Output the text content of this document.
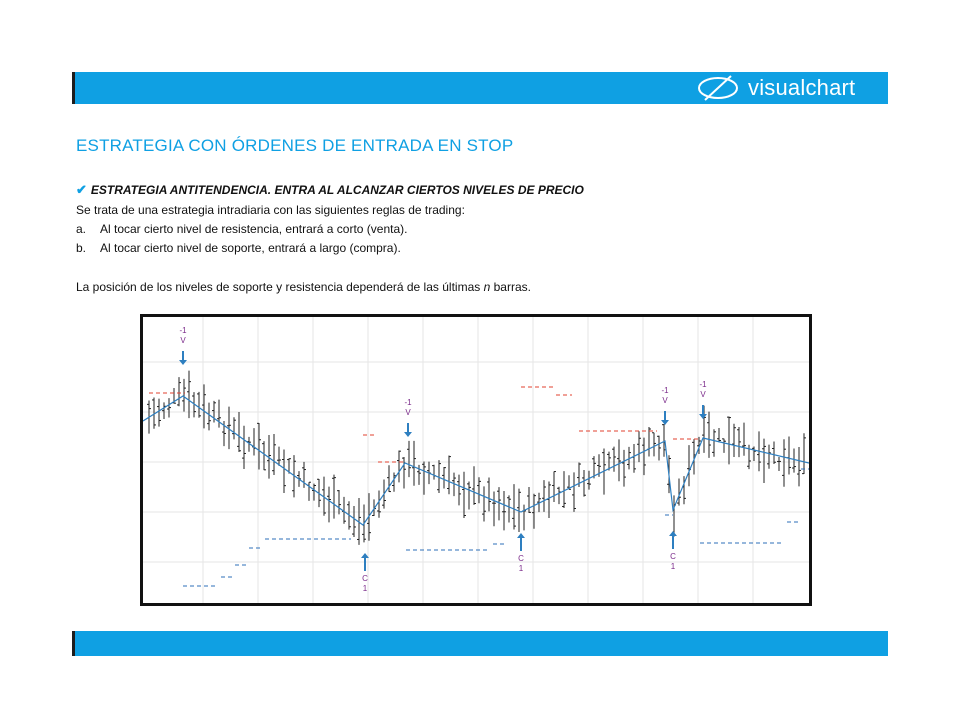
visualchart
ESTRATEGIA CON ÓRDENES DE ENTRADA EN STOP
✔ ESTRATEGIA ANTITENDENCIA. ENTRA AL ALCANZAR CIERTOS NIVELES DE PRECIO
Se trata de una estrategia intradiaria con las siguientes reglas de trading:
a. Al tocar cierto nivel de resistencia, entrará a corto (venta).
b. Al tocar cierto nivel de soporte, entrará a largo (compra).
La posición de los niveles de soporte y resistencia dependerá de las últimas n barras.
-1
V
-1
V
-1
V
-1
V
C
1
C
1
C
1
